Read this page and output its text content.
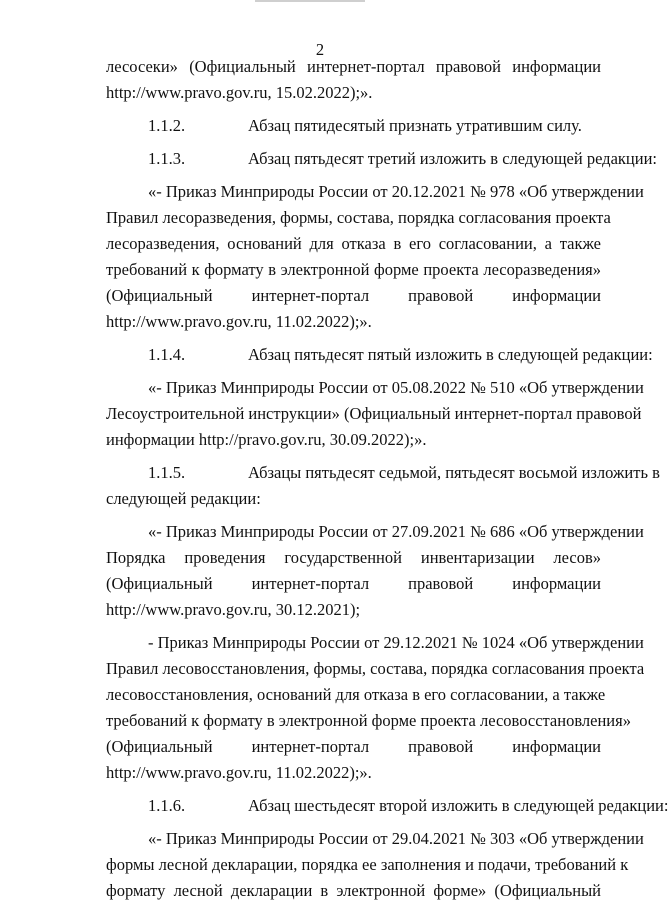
2
лесосеки» (Официальный интернет-портал правовой информации
http://www.pravo.gov.ru, 15.02.2022);».
1.1.2.	Абзац пятидесятый признать утратившим силу.
1.1.3.	Абзац пятьдесят третий изложить в следующей редакции:
«- Приказ Минприроды России от 20.12.2021 № 978 «Об утверждении
Правил лесоразведения, формы, состава, порядка согласования проекта
лесоразведения, оснований для отказа в его согласовании, а также
требований к формату в электронной форме проекта лесоразведения»
(Официальный интернет-портал правовой информации
http://www.pravo.gov.ru, 11.02.2022);».
1.1.4.	Абзац пятьдесят пятый изложить в следующей редакции:
«- Приказ Минприроды России от 05.08.2022 № 510 «Об утверждении
Лесоустроительной инструкции» (Официальный интернет-портал правовой
информации http://pravo.gov.ru, 30.09.2022);».
1.1.5.	Абзацы пятьдесят седьмой, пятьдесят восьмой изложить в
следующей редакции:
«- Приказ Минприроды России от 27.09.2021 № 686 «Об утверждении
Порядка проведения государственной инвентаризации лесов»
(Официальный интернет-портал правовой информации
http://www.pravo.gov.ru, 30.12.2021);
- Приказ Минприроды России от 29.12.2021 № 1024 «Об утверждении
Правил лесовосстановления, формы, состава, порядка согласования проекта
лесовосстановления, оснований для отказа в его согласовании, а также
требований к формату в электронной форме проекта лесовосстановления»
(Официальный интернет-портал правовой информации
http://www.pravo.gov.ru, 11.02.2022);».
1.1.6.	Абзац шестьдесят второй изложить в следующей редакции:
«- Приказ Минприроды России от 29.04.2021 № 303 «Об утверждении
формы лесной декларации, порядка ее заполнения и подачи, требований к
формату лесной декларации в электронной форме» (Официальный
